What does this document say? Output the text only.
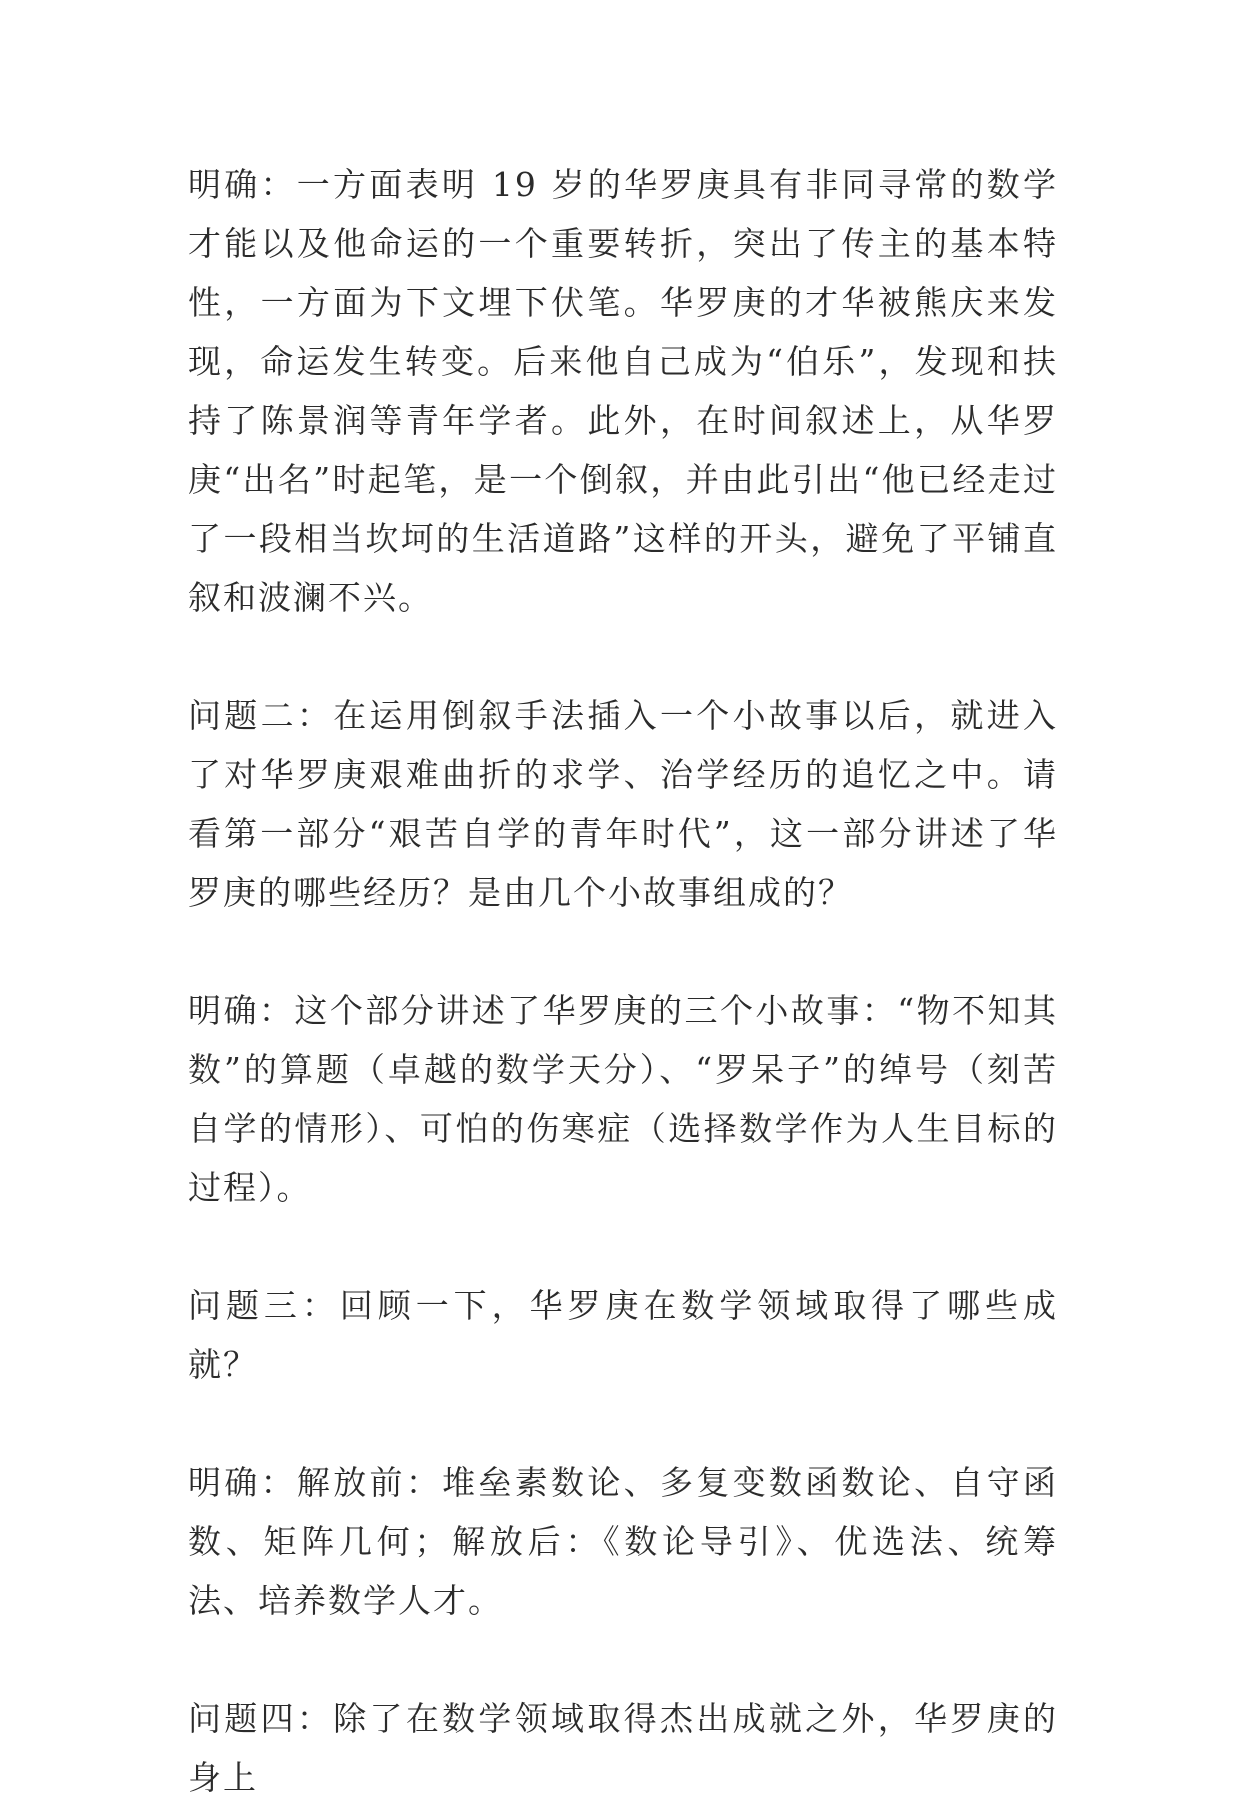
明确：一方面表明 19 岁的华罗庚具有非同寻常的数学才能以及他命运的一个重要转折，突出了传主的基本特性，一方面为下文埋下伏笔。华罗庚的才华被熊庆来发现，命运发生转变。后来他自己成为“伯乐”，发现和扶持了陈景润等青年学者。此外，在时间叙述上，从华罗庚“出名”时起笔，是一个倒叙，并由此引出“他已经走过了一段相当坎坷的生活道路”这样的开头，避免了平铺直叙和波澜不兴。

问题二：在运用倒叙手法插入一个小故事以后，就进入了对华罗庚艰难曲折的求学、治学经历的追忆之中。请看第一部分“艰苦自学的青年时代”，这一部分讲述了华罗庚的哪些经历？是由几个小故事组成的？

明确：这个部分讲述了华罗庚的三个小故事：“物不知其数”的算题（卓越的数学天分）、“罗呆子”的绰号（刻苦自学的情形）、可怕的伤寒症（选择数学作为人生目标的过程）。

问题三：回顾一下，华罗庚在数学领域取得了哪些成就？

明确：解放前：堆垒素数论、多复变数函数论、自守函数、矩阵几何；解放后：《数论导引》、优选法、统筹法、培养数学人才。

问题四：除了在数学领域取得杰出成就之外，华罗庚的身上
